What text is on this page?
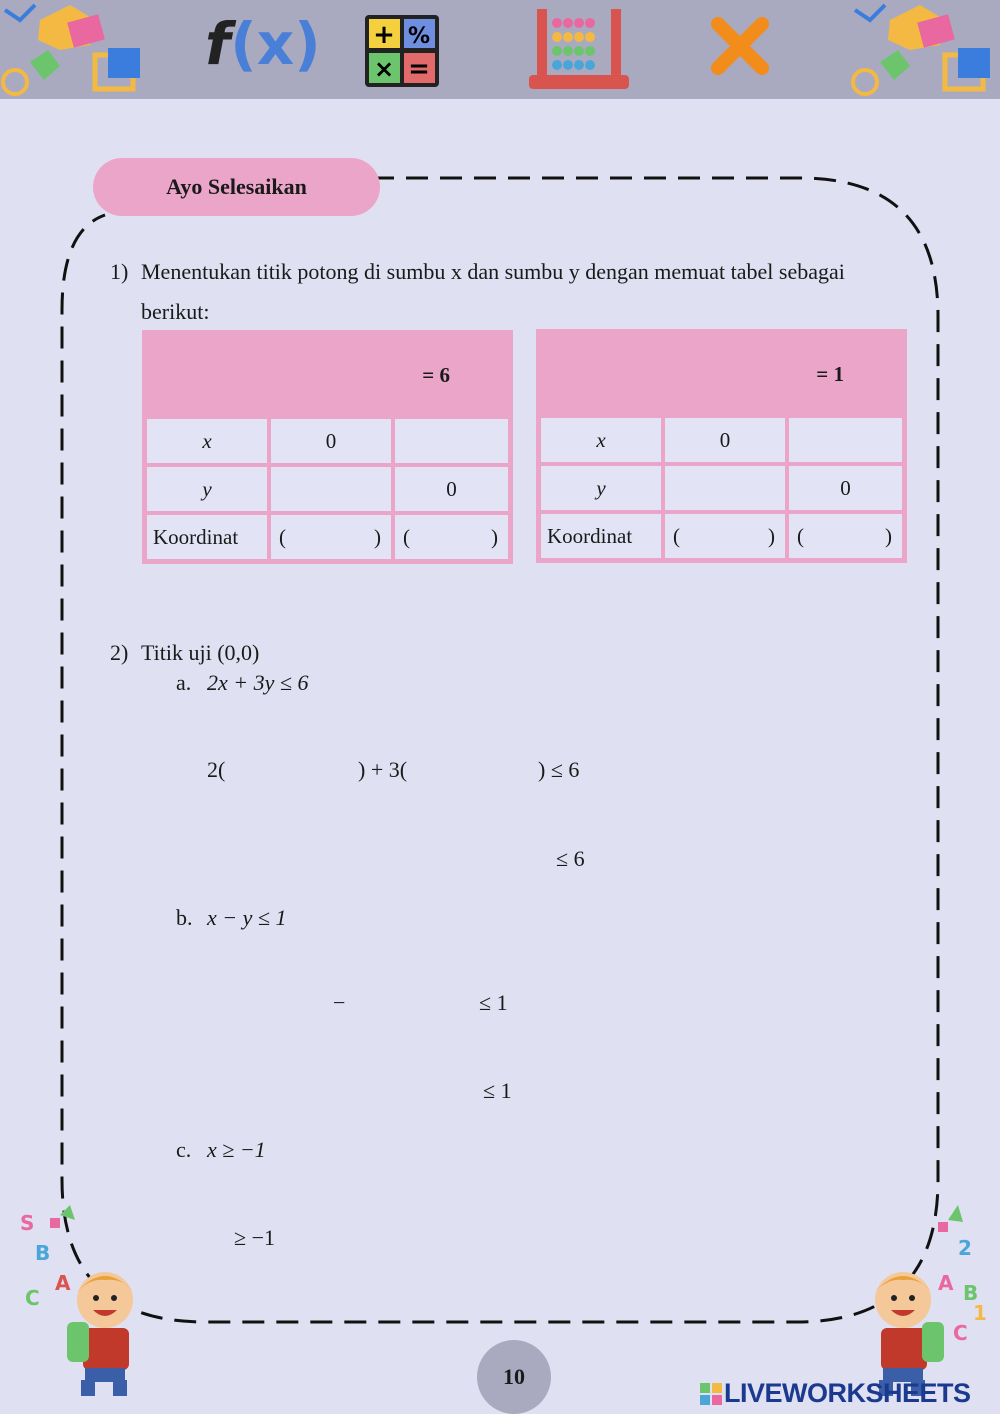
f(x) + %
× =
Ayo Selesaikan
1) Menentukan titik potong di sumbu x dan sumbu y dengan memuat tabel sebagai
berikut:
= 6		
x	0	
y		0
Koordinat	( )	( )
= 1		
x	0	
y		0
Koordinat	( )	( )
2) Titik uji (0,0)
a. 2x + 3y ≤ 6
2(	) + 3(	) ≤ 6
≤ 6
b. x − y ≤ 1
−	≤ 1
≤ 1
c. x ≥ −1
≥ −1
S
B
A
C
2
A B
C
1
10
LIVEWORKSHEETS
